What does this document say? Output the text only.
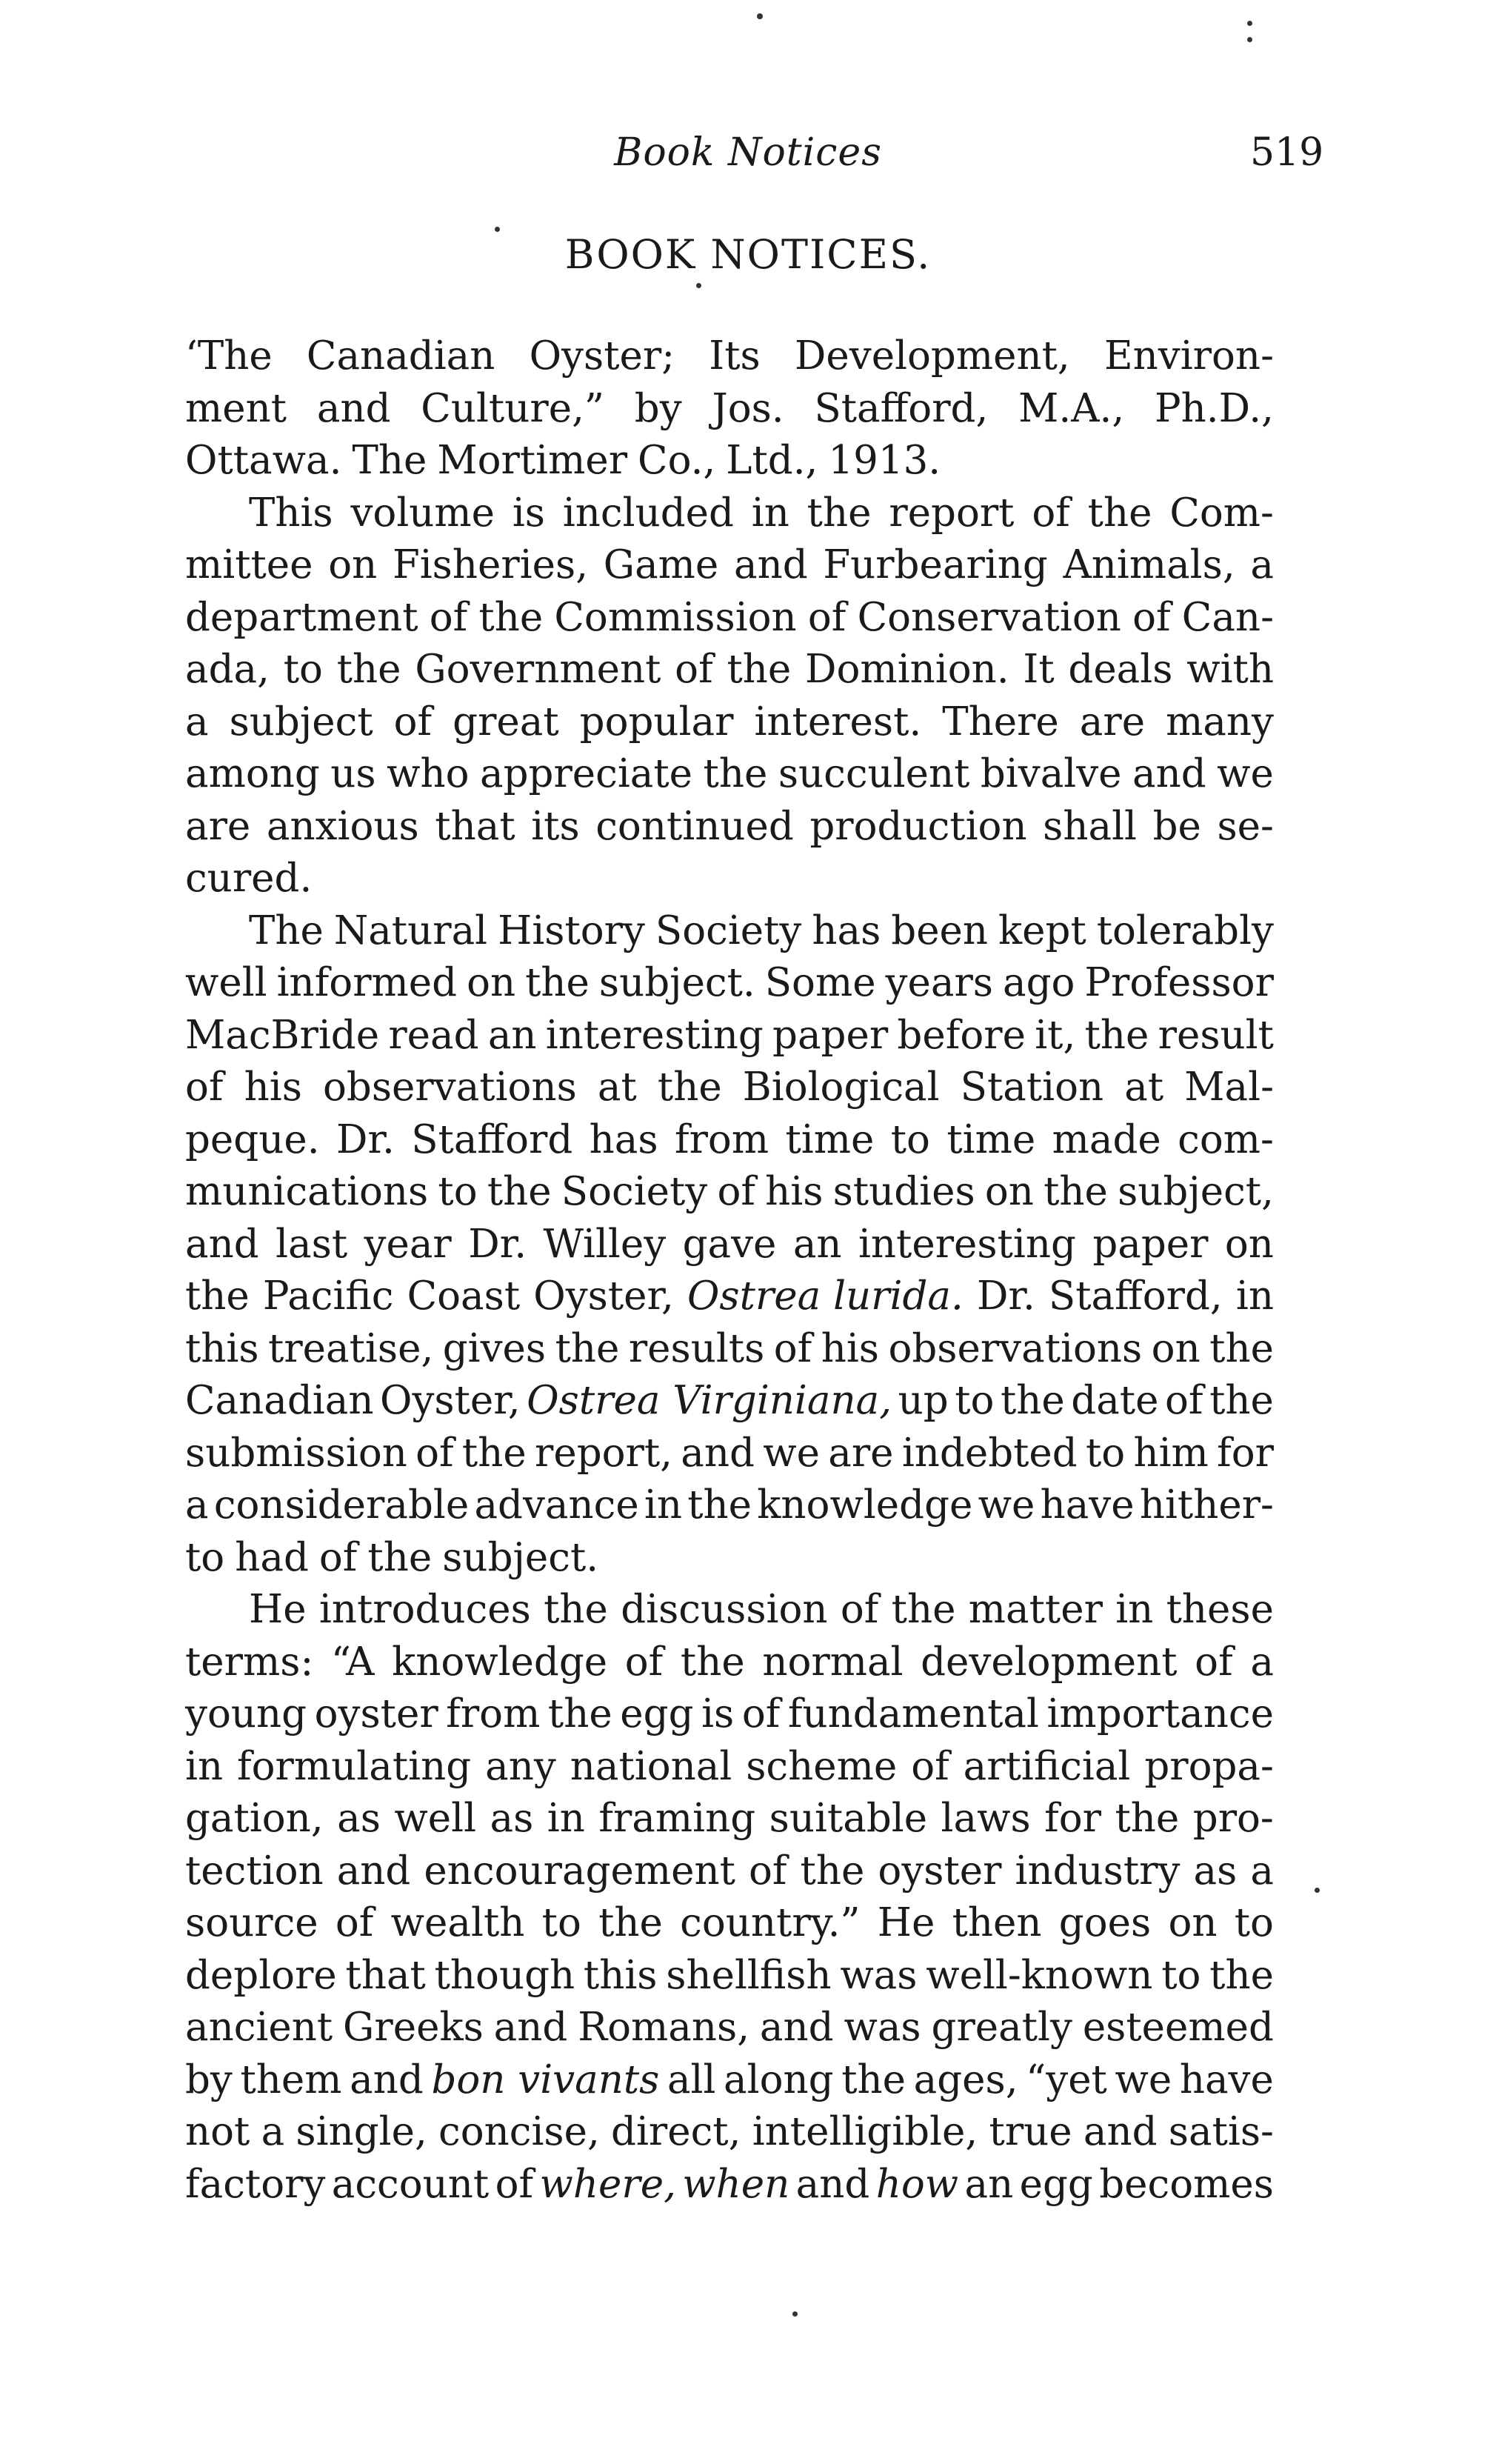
Book Notices	519
BOOK NOTICES.
‘The Canadian Oyster; Its Development, Environ-
ment and Culture,” by Jos. Stafford, M.A., Ph.D.,
Ottawa. The Mortimer Co., Ltd., 1913.
This volume is included in the report of the Com-
mittee on Fisheries, Game and Furbearing Animals, a
department of the Commission of Conservation of Can-
ada, to the Government of the Dominion. It deals with
a subject of great popular interest. There are many
among us who appreciate the succulent bivalve and we
are anxious that its continued production shall be se-
cured.
The Natural History Society has been kept tolerably
well informed on the subject. Some years ago Professor
MacBride read an interesting paper before it, the result
of his observations at the Biological Station at Mal-
peque. Dr. Stafford has from time to time made com-
munications to the Society of his studies on the subject,
and last year Dr. Willey gave an interesting paper on
the Pacific Coast Oyster, Ostrea lurida. Dr. Stafford, in
this treatise, gives the results of his observations on the
Canadian Oyster, Ostrea Virginiana, up to the date of the
submission of the report, and we are indebted to him for
a considerable advance in the knowledge we have hither-
to had of the subject.
He introduces the discussion of the matter in these
terms: “A knowledge of the normal development of a
young oyster from the egg is of fundamental importance
in formulating any national scheme of artificial propa-
gation, as well as in framing suitable laws for the pro-
tection and encouragement of the oyster industry as a
source of wealth to the country.” He then goes on to
deplore that though this shellfish was well-known to the
ancient Greeks and Romans, and was greatly esteemed
by them and bon vivants all along the ages, “yet we have
not a single, concise, direct, intelligible, true and satis-
factory account of where, when and how an egg becomes
